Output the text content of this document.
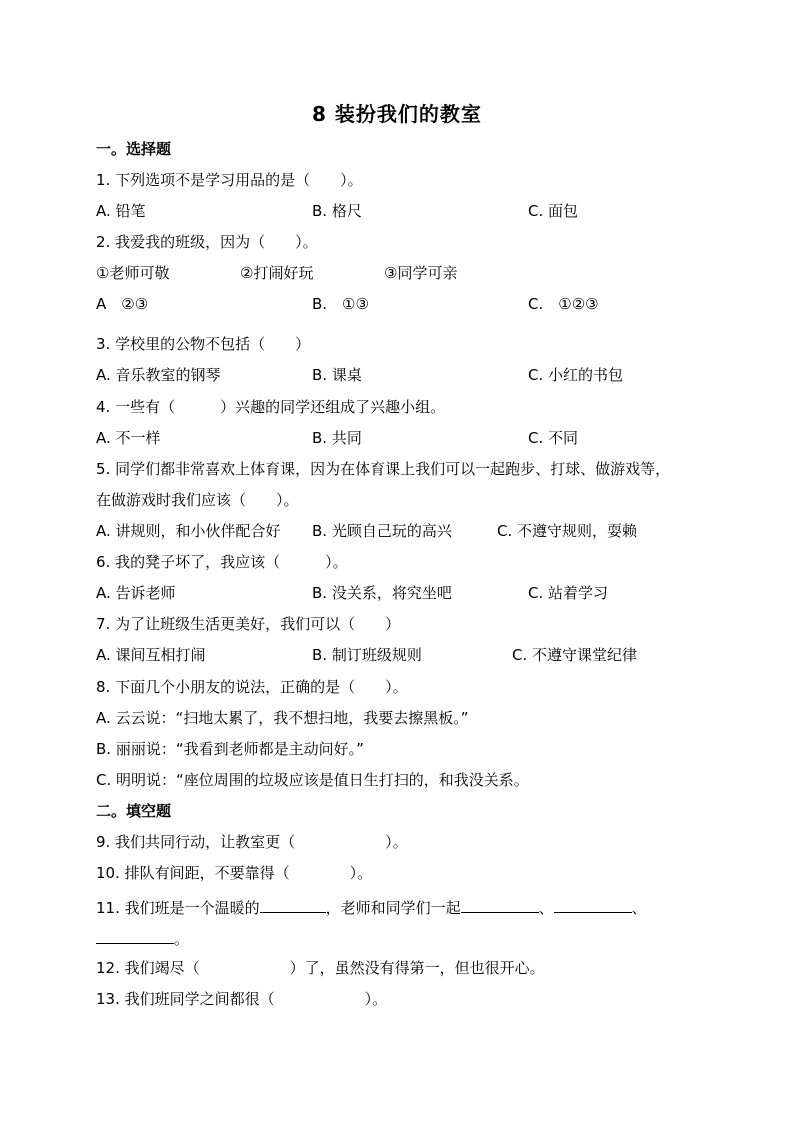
8 装扮我们的教室
一。选择题
1. 下列选项不是学习用品的是（　　）。
A. 铅笔	B. 格尺	C. 面包
2. 我爱我的班级，因为（　　）。
①老师可敬	②打闹好玩	③同学可亲
A　②③	B.　①③	C.　①②③
3. 学校里的公物不包括（　　）
A. 音乐教室的钢琴	B. 课桌	C. 小红的书包
4. 一些有（　　　）兴趣的同学还组成了兴趣小组。
A. 不一样	B. 共同	C. 不同
5. 同学们都非常喜欢上体育课，因为在体育课上我们可以一起跑步、打球、做游戏等，
在做游戏时我们应该（　　）。
A. 讲规则，和小伙伴配合好 B. 光顾自己玩的高兴	C. 不遵守规则，耍赖
6. 我的凳子坏了，我应该（　　　）。
A. 告诉老师	B. 没关系，将究坐吧	C. 站着学习
7. 为了让班级生活更美好，我们可以（　　）
A. 课间互相打闹	B. 制订班级规则	C. 不遵守课堂纪律
8. 下面几个小朋友的说法，正确的是（　　）。
A. 云云说：“扫地太累了，我不想扫地，我要去擦黑板。”
B. 丽丽说：“我看到老师都是主动问好。”
C. 明明说：“座位周围的垃圾应该是值日生打扫的，和我没关系。
二。填空题
9. 我们共同行动，让教室更（　　　　　　）。
10. 排队有间距，不要靠得（　　　　）。
11. 我们班是一个温暖的	，老师和同学们一起	、	、
。
12. 我们竭尽（　　　　　　）了，虽然没有得第一，但也很开心。
13. 我们班同学之间都很（　　　　　　）。
